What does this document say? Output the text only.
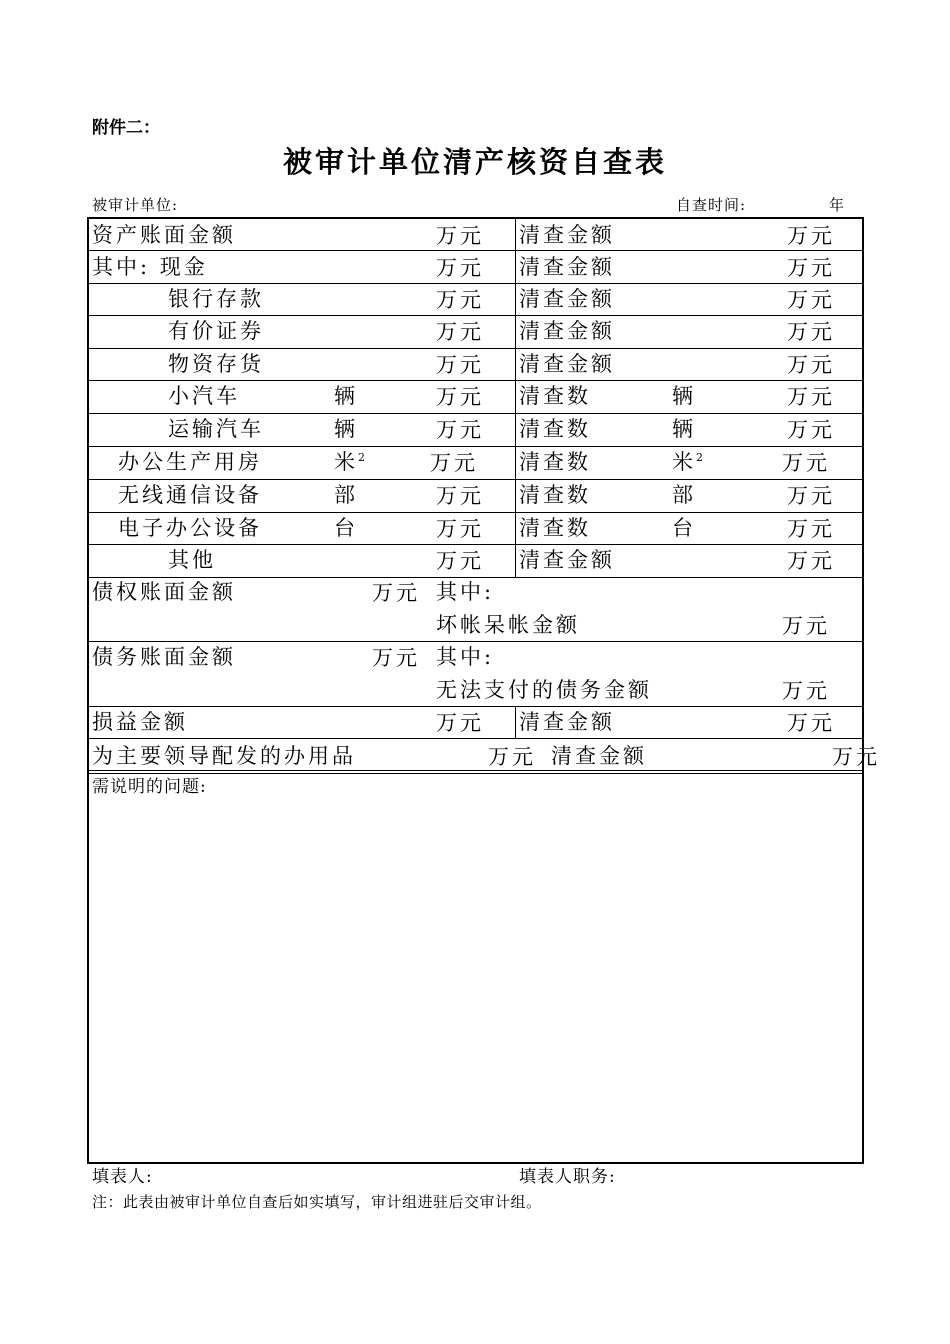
附件二：
被审计单位清产核资自查表
被审计单位:	自查时间:	年
资产账面金额	万元 清查金额	万元
其中: 现金	万元 清查金额	万元
银行存款	万元 清查金额	万元
有价证券	万元 清查金额	万元
物资存货	万元 清查金额	万元
小汽车	辆	万元 清查数	辆	万元
运输汽车	辆	万元 清查数	辆	万元
办公生产用房	米$^2$	万元 清查数	米$^2$	万元
无线通信设备	部	万元 清查数	部	万元
电子办公设备	台	万元 清查数	台	万元
其他	万元 清查金额	万元
债权账面金额	万元 其中:
坏帐呆帐金额	万元
债务账面金额	万元 其中:
无法支付的债务金额	万元
损益金额	万元 清查金额	万元
为主要领导配发的办用品	万元 清查金额	万元
需说明的问题:
填表人:	填表人职务:
注：此表由被审计单位自查后如实填写，审计组进驻后交审计组。
